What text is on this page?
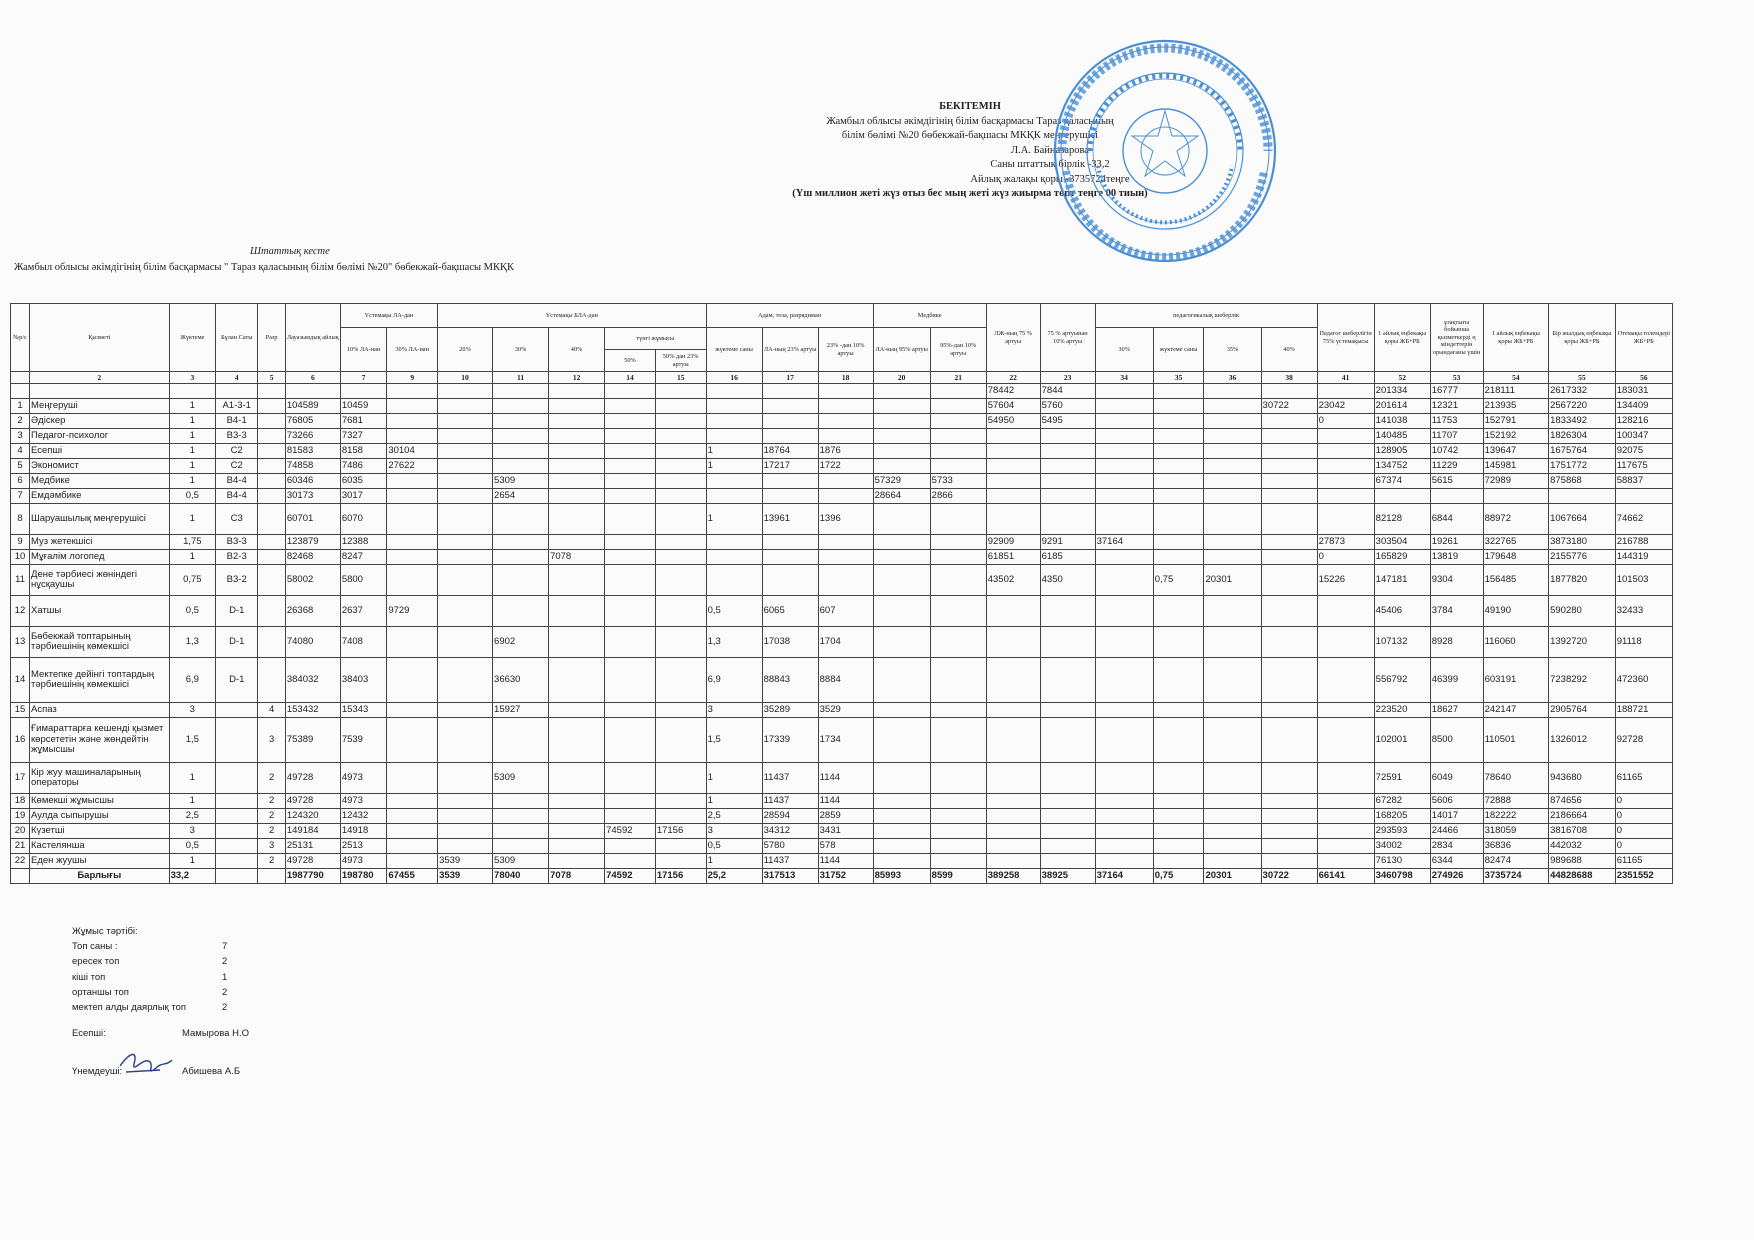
БЕКІТЕМІН
Жамбыл облысы әкімдігінің білім басқармасы Тараз қаласының
білім бөлімі №20 бөбекжай-бақшасы МКҚК меңгерушісі
Л.А. Байназарова
Саны штаттық бірлік -33,2
Айлық жалақы қоры -3735724теңге
(Үш миллион жеті жүз отыз бес мың жеті жүз жиырма төрт теңге 00 тиын)
Штаттық кесте
Жамбыл облысы әкімдігінің білім басқармасы " Тараз қаласының білім бөлімі №20" бөбекжай-бақшасы МКҚК
№р/с	Қызметі	Жүктеме	Бұлан Саты	Разр	Лауазымдық айлық	Үстемақы ЛА-дан		Үстемақы БЛА-дан					Адам, тоза, разрядиман			Медбике		ЛЖ-ның 75 % артуы	75 % артуынан 10% артуы	педагогикалық шеберлік				Педагог шеберлігін 75% үстемақысы	1 айлық еңбекақы қоры ЖБ+РБ	ұзақтығы бойынша қызметкерді ң міндеттерін орындағаны үшін	1 айлық еңбекақы қоры ЖБ+РБ	Бір жылдық еңбекақы қоры ЖБ+РБ	Отемақы толемдері ЖБ+РБ
						10% ЛА-нан	30% ЛА-нан	20%	30%	40%	түнгі жұмысы		жүктеме саны	ЛА-ның 23% артуы	23% -дан 10% артуы	ЛА-ның 95% артуы	95%-дан 10% артуы			30%	жүктеме саны	35%	40%						
											50%	50% дан 23% артуы																	
	2	3	4	5	6	7	9	10	11	12	14	15	16	17	18	20	21	22	23	34	35	36	38	41	52	53	54	55	56
																		78442	7844						201334	16777	218111	2617332	183031
1	Меңгеруші	1	А1-3-1		104589	10459												57604	5760				30722	23042	201614	12321	213935	2567220	134409
2	Әдіскер	1	В4-1		76805	7681												54950	5495					0	141038	11753	152791	1833492	128216
3	Педагог-психолог	1	В3-3		73266	7327																			140485	11707	152192	1826304	100347
4	Есепші	1	С2		81583	8158	30104						1	18764	1876										128905	10742	139647	1675764	92075
5	Экономист	1	С2		74858	7486	27622						1	17217	1722										134752	11229	145981	1751772	117675
6	Медбике	1	В4-4		60346	6035			5309							57329	5733								67374	5615	72989	875868	58837
7	Емдәмбике	0,5	В4-4		30173	3017			2654							28664	2866												
8	Шаруашылық меңгерушісі	1	С3		60701	6070							1	13961	1396										82128	6844	88972	1067664	74662
9	Муз жетекшісі	1,75	В3-3		123879	12388												92909	9291	37164				27873	303504	19261	322765	3873180	216788
10	Мұғалім логопед	1	В2-3		82468	8247				7078								61851	6185					0	165829	13819	179648	2155776	144319
11	Дене тәрбиесі жөніндегі нұсқаушы	0,75	В3-2		58002	5800												43502	4350		0,75	20301		15226	147181	9304	156485	1877820	101503
12	Хатшы	0,5	D-1		26368	2637	9729						0,5	6065	607										45406	3784	49190	590280	32433
13	Бөбекжай топтарының тәрбиешінің көмекшісі	1,3	D-1		74080	7408			6902				1,3	17038	1704										107132	8928	116060	1392720	91118
14	Мектепке дейінгі топтардың тәрбиешінің көмекшісі	6,9	D-1		384032	38403			36630				6,9	88843	8884										556792	46399	603191	7238292	472360
15	Аспаз	3		4	153432	15343			15927				3	35289	3529										223520	18627	242147	2905764	188721
16	Ғимараттарға кешенді қызмет көрсететін және жөндейтін жұмысшы	1,5		3	75389	7539							1,5	17339	1734										102001	8500	110501	1326012	92728
17	Кір жуу машиналарының операторы	1		2	49728	4973			5309				1	11437	1144										72591	6049	78640	943680	61165
18	Көмекші жұмысшы	1		2	49728	4973							1	11437	1144										67282	5606	72888	874656	0
19	Аулда сыпырушы	2,5		2	124320	12432							2,5	28594	2859										168205	14017	182222	2186664	0
20	Күзетші	3		2	149184	14918					74592	17156	3	34312	3431										293593	24466	318059	3816708	0
21	Кастелянша	0,5		3	25131	2513							0,5	5780	578										34002	2834	36836	442032	0
22	Еден жуушы	1		2	49728	4973		3539	5309				1	11437	1144										76130	6344	82474	989688	61165
	Барлығы	33,2			1987790	198780	67455	3539	78040	7078	74592	17156	25,2	317513	31752	85993	8599	389258	38925	37164	0,75	20301	30722	66141	3460798	274926	3735724	44828688	2351552
Жұмыс тәртібі:
Топ саны :	7
ересек топ	2
кіші топ	1
ортаншы топ	2
мектеп алды даярлық топ	2
Есепші:	Мамырова Н.О
Үнемдеуші:	Абишева А.Б
